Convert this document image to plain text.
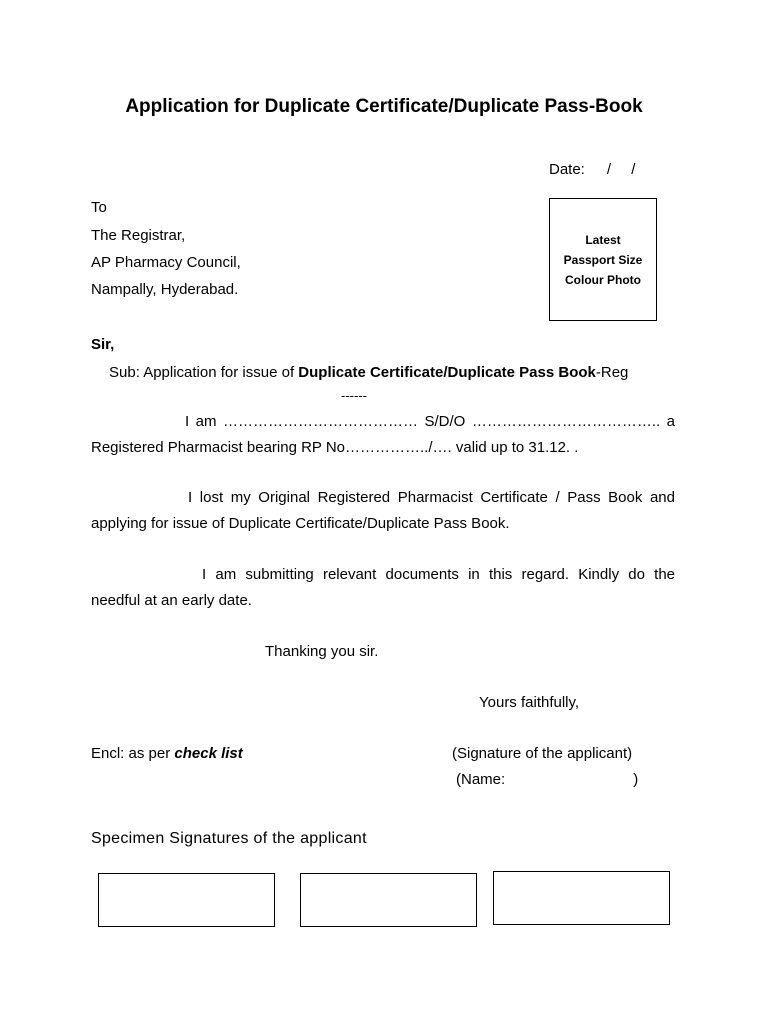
Application for Duplicate Certificate/Duplicate Pass-Book
Date: / /
Latest
Passport Size
Colour Photo
To
The Registrar,
AP Pharmacy Council,
Nampally, Hyderabad.
Sir,
Sub: Application for issue of Duplicate Certificate/Duplicate Pass Book-Reg
------
I am ………………………………… S/D/O ……………………………….. a Registered Pharmacist bearing RP No……………../…. valid up to 31.12. .
I lost my Original Registered Pharmacist Certificate / Pass Book and applying for issue of Duplicate Certificate/Duplicate Pass Book.
I am submitting relevant documents in this regard. Kindly do the needful at an early date.
Thanking you sir.
Yours faithfully,
Encl: as per check list	(Signature of the applicant)
(Name:	)
Specimen Signatures of the applicant
